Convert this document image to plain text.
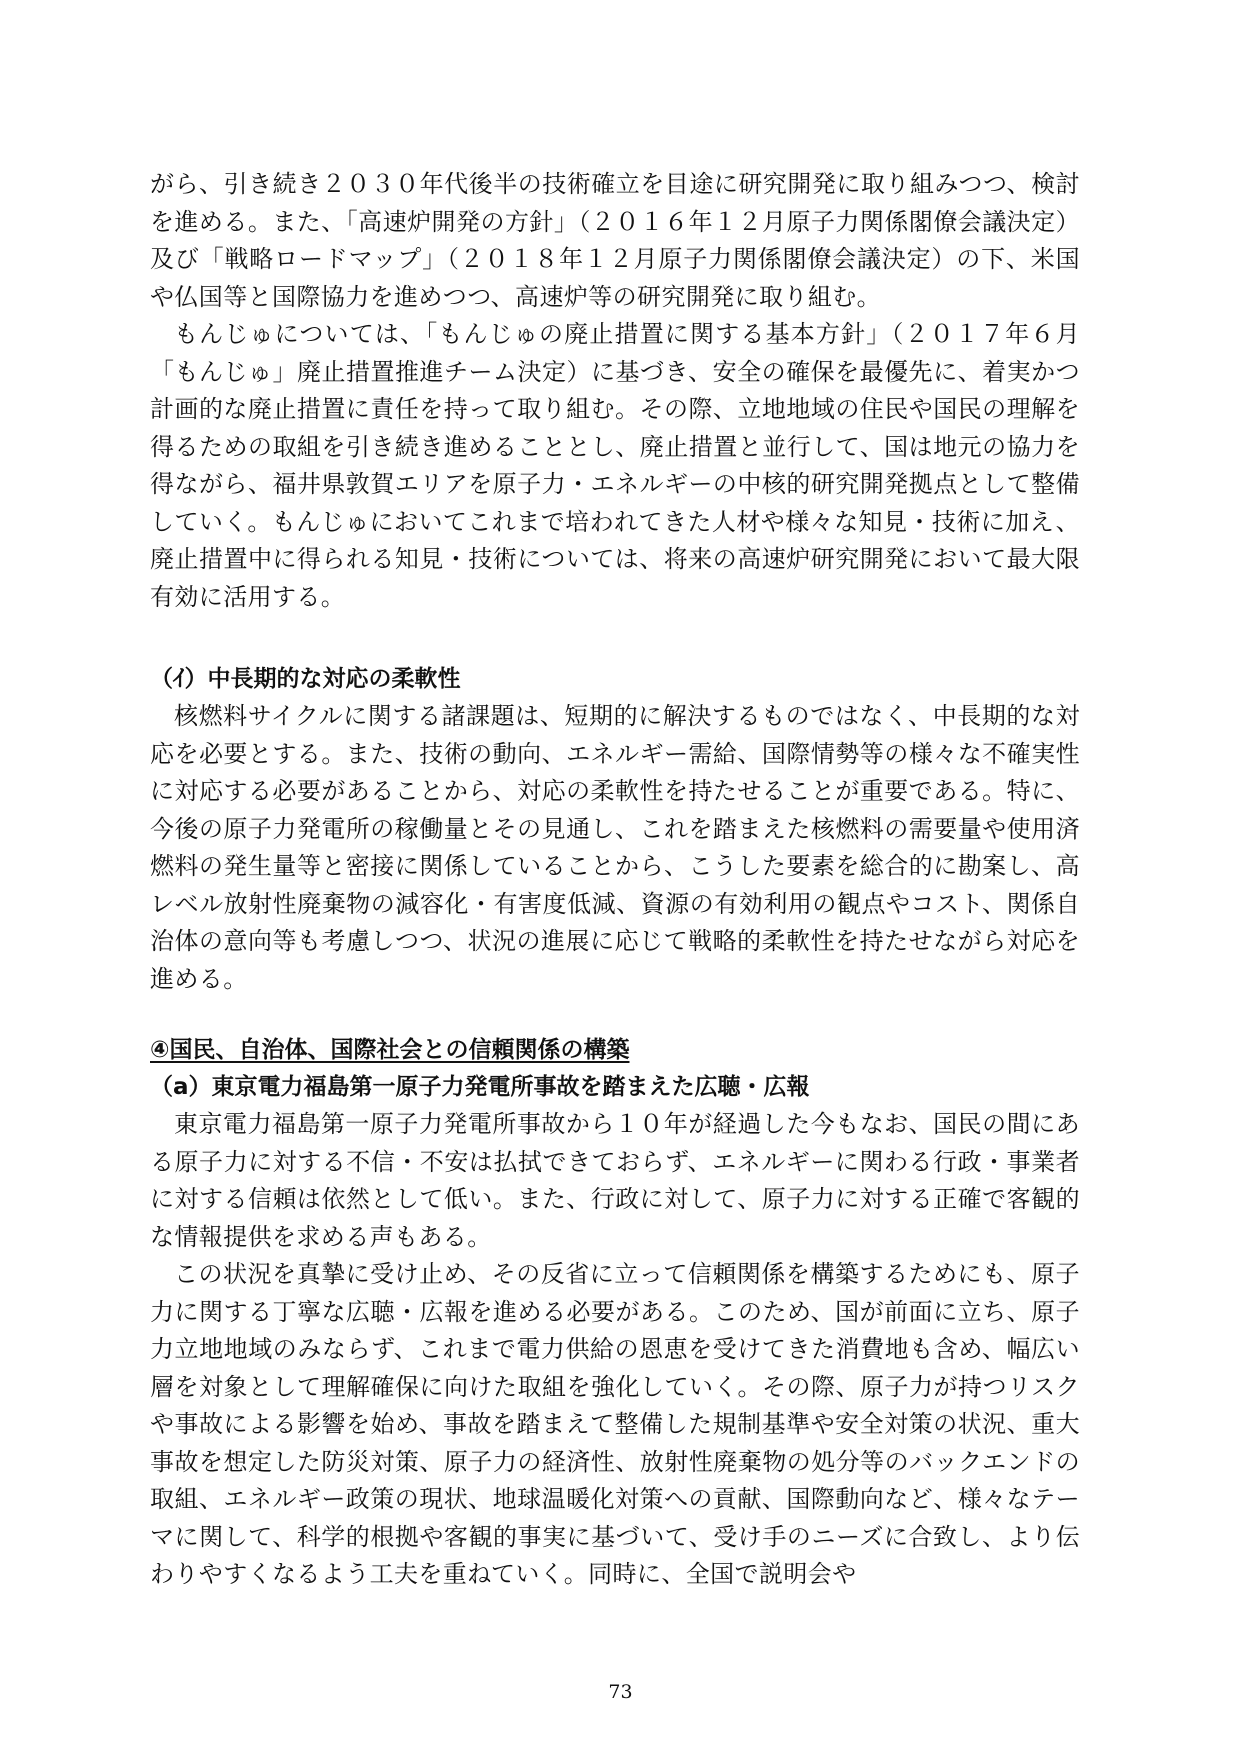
がら、引き続き２０３０年代後半の技術確立を目途に研究開発に取り組みつつ、検討を進める。また、「高速炉開発の方針」（２０１６年１２月原子力関係閣僚会議決定）及び「戦略ロードマップ」（２０１８年１２月原子力関係閣僚会議決定）の下、米国や仏国等と国際協力を進めつつ、高速炉等の研究開発に取り組む。

もんじゅについては、「もんじゅの廃止措置に関する基本方針」（２０１７年６月「もんじゅ」廃止措置推進チーム決定）に基づき、安全の確保を最優先に、着実かつ計画的な廃止措置に責任を持って取り組む。その際、立地地域の住民や国民の理解を得るための取組を引き続き進めることとし、廃止措置と並行して、国は地元の協力を得ながら、福井県敦賀エリアを原子力・エネルギーの中核的研究開発拠点として整備していく。もんじゅにおいてこれまで培われてきた人材や様々な知見・技術に加え、廃止措置中に得られる知見・技術については、将来の高速炉研究開発において最大限有効に活用する。

（ｲ）中長期的な対応の柔軟性

核燃料サイクルに関する諸課題は、短期的に解決するものではなく、中長期的な対応を必要とする。また、技術の動向、エネルギー需給、国際情勢等の様々な不確実性に対応する必要があることから、対応の柔軟性を持たせることが重要である。特に、今後の原子力発電所の稼働量とその見通し、これを踏まえた核燃料の需要量や使用済燃料の発生量等と密接に関係していることから、こうした要素を総合的に勘案し、高レベル放射性廃棄物の減容化・有害度低減、資源の有効利用の観点やコスト、関係自治体の意向等も考慮しつつ、状況の進展に応じて戦略的柔軟性を持たせながら対応を進める。

④国民、自治体、国際社会との信頼関係の構築
（a）東京電力福島第一原子力発電所事故を踏まえた広聴・広報

東京電力福島第一原子力発電所事故から１０年が経過した今もなお、国民の間にある原子力に対する不信・不安は払拭できておらず、エネルギーに関わる行政・事業者に対する信頼は依然として低い。また、行政に対して、原子力に対する正確で客観的な情報提供を求める声もある。

この状況を真摯に受け止め、その反省に立って信頼関係を構築するためにも、原子力に関する丁寧な広聴・広報を進める必要がある。このため、国が前面に立ち、原子力立地地域のみならず、これまで電力供給の恩恵を受けてきた消費地も含め、幅広い層を対象として理解確保に向けた取組を強化していく。その際、原子力が持つリスクや事故による影響を始め、事故を踏まえて整備した規制基準や安全対策の状況、重大事故を想定した防災対策、原子力の経済性、放射性廃棄物の処分等のバックエンドの取組、エネルギー政策の現状、地球温暖化対策への貢献、国際動向など、様々なテーマに関して、科学的根拠や客観的事実に基づいて、受け手のニーズに合致し、より伝わりやすくなるよう工夫を重ねていく。同時に、全国で説明会や

73
